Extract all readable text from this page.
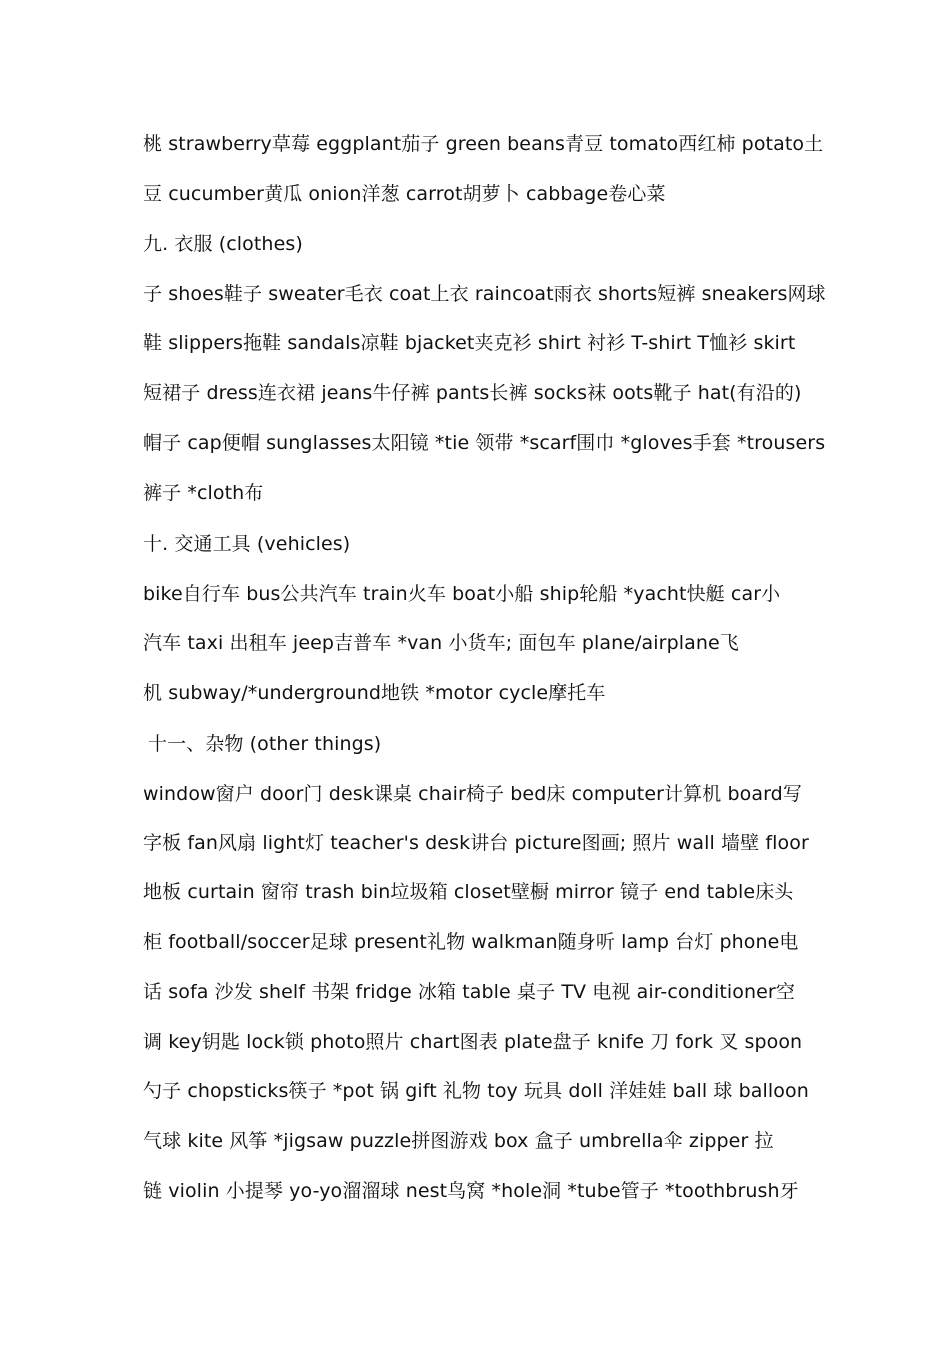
桃 strawberry草莓 eggplant茄子 green beans青豆 tomato西红柿 potato土
豆 cucumber黄瓜 onion洋葱 carrot胡萝卜 cabbage卷心菜
九. 衣服 (clothes)
子 shoes鞋子 sweater毛衣 coat上衣 raincoat雨衣 shorts短裤 sneakers网球
鞋 slippers拖鞋 sandals凉鞋 bjacket夹克衫 shirt 衬衫 T-shirt T恤衫 skirt
短裙子 dress连衣裙 jeans牛仔裤 pants长裤 socks袜 oots靴子 hat(有沿的)
帽子 cap便帽 sunglasses太阳镜 *tie 领带 *scarf围巾 *gloves手套 *trousers
裤子 *cloth布
十. 交通工具 (vehicles)
bike自行车 bus公共汽车 train火车 boat小船 ship轮船 *yacht快艇 car小
汽车 taxi 出租车 jeep吉普车 *van 小货车; 面包车 plane/airplane飞
机 subway/*underground地铁 *motor cycle摩托车
十一、杂物 (other things)
window窗户 door门 desk课桌 chair椅子 bed床 computer计算机 board写
字板 fan风扇 light灯 teacher's desk讲台 picture图画; 照片 wall 墙壁 floor
地板 curtain 窗帘 trash bin垃圾箱 closet壁橱 mirror 镜子 end table床头
柜 football/soccer足球 present礼物 walkman随身听 lamp 台灯 phone电
话 sofa 沙发 shelf 书架 fridge 冰箱 table 桌子 TV 电视 air-conditioner空
调 key钥匙 lock锁 photo照片 chart图表 plate盘子 knife 刀 fork 叉 spoon
勺子 chopsticks筷子 *pot 锅 gift 礼物 toy 玩具 doll 洋娃娃 ball 球 balloon
气球 kite 风筝 *jigsaw puzzle拼图游戏 box 盒子 umbrella伞 zipper 拉
链 violin 小提琴 yo-yo溜溜球 nest鸟窝 *hole洞 *tube管子 *toothbrush牙
